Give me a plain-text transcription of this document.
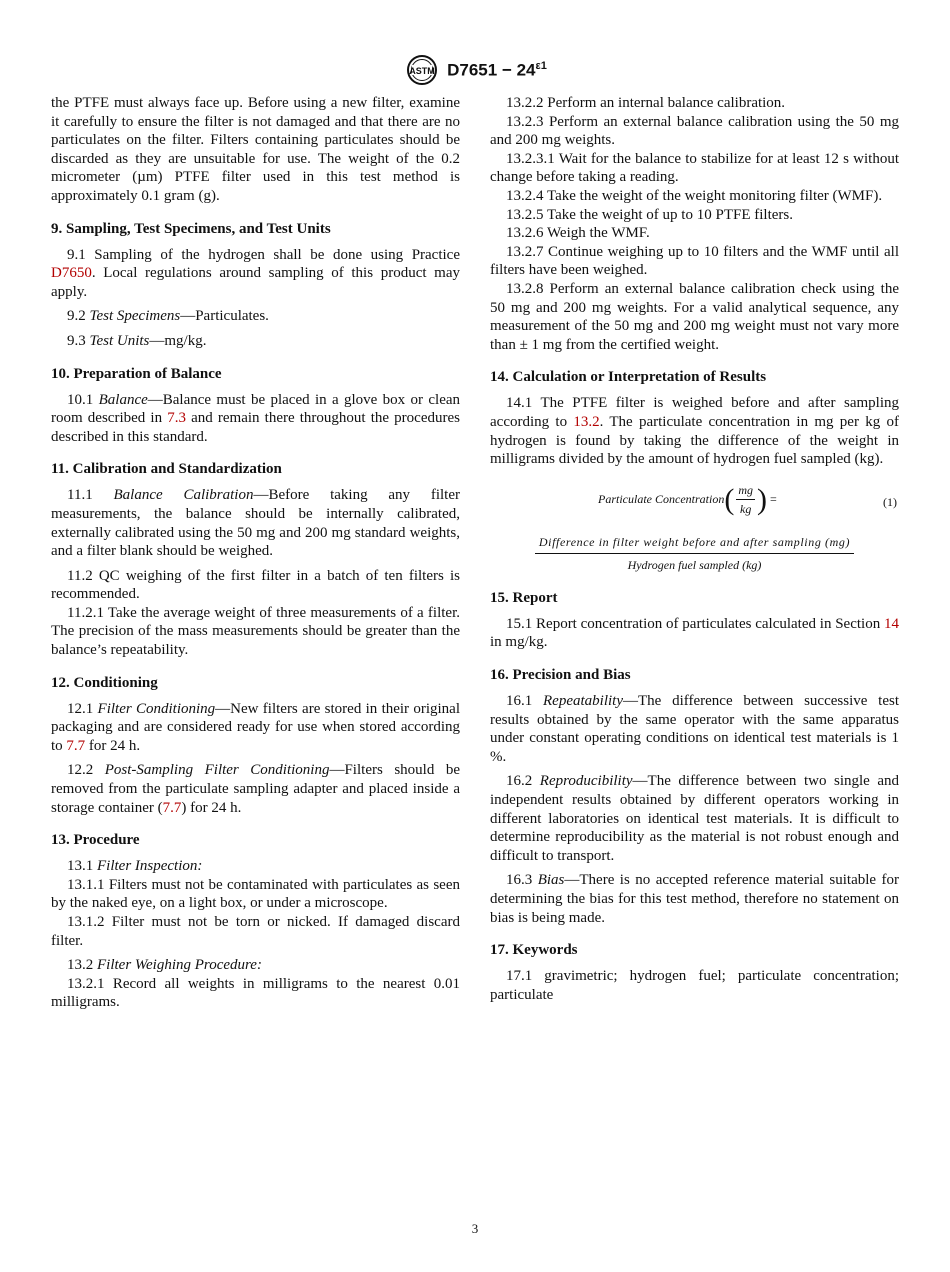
ASTM $D7651 - 24^{\varepsilon 1}$

the PTFE must always face up. Before using a new filter, examine it carefully to ensure the filter is not damaged and that there are no particulates on the filter. Filters containing particulates should be discarded as they are unsuitable for use. The weight of the 0.2 micrometer (µm) PTFE filter used in this test method is approximately 0.1 gram (g).

9. Sampling, Test Specimens, and Test Units

9.1 Sampling of the hydrogen shall be done using Practice D7650. Local regulations around sampling of this product may apply.

9.2 Test Specimens—Particulates.

9.3 Test Units—mg/kg.

10. Preparation of Balance

10.1 Balance—Balance must be placed in a glove box or clean room described in 7.3 and remain there throughout the procedures described in this standard.

11. Calibration and Standardization

11.1 Balance Calibration—Before taking any filter measurements, the balance should be internally calibrated, externally calibrated using the 50 mg and 200 mg standard weights, and a filter blank should be weighed.

11.2 QC weighing of the first filter in a batch of ten filters is recommended.

11.2.1 Take the average weight of three measurements of a filter. The precision of the mass measurements should be greater than the balance’s repeatability.

12. Conditioning

12.1 Filter Conditioning—New filters are stored in their original packaging and are considered ready for use when stored according to 7.7 for 24 h.

12.2 Post-Sampling Filter Conditioning—Filters should be removed from the particulate sampling adapter and placed inside a storage container (7.7) for 24 h.

13. Procedure

13.1 Filter Inspection:

13.1.1 Filters must not be contaminated with particulates as seen by the naked eye, on a light box, or under a microscope.

13.1.2 Filter must not be torn or nicked. If damaged discard filter.

13.2 Filter Weighing Procedure:

13.2.1 Record all weights in milligrams to the nearest 0.01 milligrams.

13.2.2 Perform an internal balance calibration.

13.2.3 Perform an external balance calibration using the 50 mg and 200 mg weights.

13.2.3.1 Wait for the balance to stabilize for at least 12 s without change before taking a reading.

13.2.4 Take the weight of the weight monitoring filter (WMF).

13.2.5 Take the weight of up to 10 PTFE filters.

13.2.6 Weigh the WMF.

13.2.7 Continue weighing up to 10 filters and the WMF until all filters have been weighed.

13.2.8 Perform an external balance calibration check using the 50 mg and 200 mg weights. For a valid analytical sequence, any measurement of the 50 mg and 200 mg weight must not vary more than ± 1 mg from the certified weight.

14. Calculation or Interpretation of Results

14.1 The PTFE filter is weighed before and after sampling according to 13.2. The particulate concentration in mg per kg of hydrogen is found by taking the difference of the weight in milligrams divided by the amount of hydrogen fuel sampled (kg).

Particulate Concentration ( $\frac{mg}{kg}$ ) =	(1)
Difference in filter weight before and after sampling (mg)
Hydrogen fuel sampled (kg)
15. Report

15.1 Report concentration of particulates calculated in Section 14 in mg/kg.

16. Precision and Bias

16.1 Repeatability—The difference between successive test results obtained by the same operator with the same apparatus under constant operating conditions on identical test materials is 1 %.

16.2 Reproducibility—The difference between two single and independent results obtained by different operators working in different laboratories on identical test materials. It is difficult to determine reproducibility as the material is not robust enough and difficult to transport.

16.3 Bias—There is no accepted reference material suitable for determining the bias for this test method, therefore no statement on bias is being made.

17. Keywords

17.1 gravimetric; hydrogen fuel; particulate concentration; particulate

3
